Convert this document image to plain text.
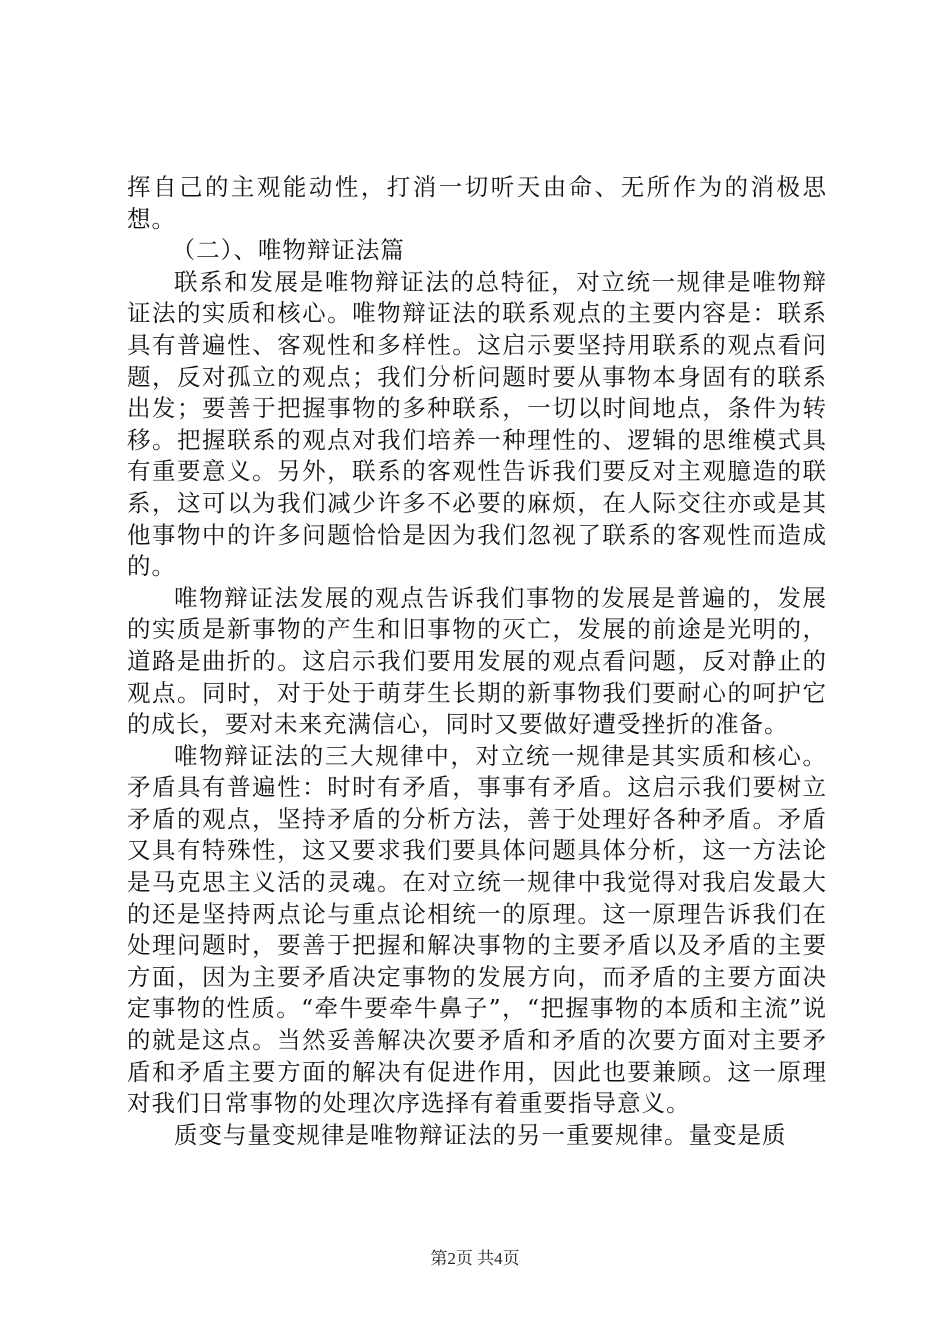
挥自己的主观能动性，打消一切听天由命、无所作为的消极思想。

（二）、唯物辩证法篇

联系和发展是唯物辩证法的总特征，对立统一规律是唯物辩证法的实质和核心。唯物辩证法的联系观点的主要内容是：联系具有普遍性、客观性和多样性。这启示要坚持用联系的观点看问题，反对孤立的观点；我们分析问题时要从事物本身固有的联系出发；要善于把握事物的多种联系，一切以时间地点，条件为转移。把握联系的观点对我们培养一种理性的、逻辑的思维模式具有重要意义。另外，联系的客观性告诉我们要反对主观臆造的联系，这可以为我们减少许多不必要的麻烦，在人际交往亦或是其他事物中的许多问题恰恰是因为我们忽视了联系的客观性而造成的。

唯物辩证法发展的观点告诉我们事物的发展是普遍的，发展的实质是新事物的产生和旧事物的灭亡，发展的前途是光明的，道路是曲折的。这启示我们要用发展的观点看问题，反对静止的观点。同时，对于处于萌芽生长期的新事物我们要耐心的呵护它的成长，要对未来充满信心，同时又要做好遭受挫折的准备。

唯物辩证法的三大规律中，对立统一规律是其实质和核心。矛盾具有普遍性：时时有矛盾，事事有矛盾。这启示我们要树立矛盾的观点，坚持矛盾的分析方法，善于处理好各种矛盾。矛盾又具有特殊性，这又要求我们要具体问题具体分析，这一方法论是马克思主义活的灵魂。在对立统一规律中我觉得对我启发最大的还是坚持两点论与重点论相统一的原理。这一原理告诉我们在处理问题时，要善于把握和解决事物的主要矛盾以及矛盾的主要方面，因为主要矛盾决定事物的发展方向，而矛盾的主要方面决定事物的性质。“牵牛要牵牛鼻子”，“把握事物的本质和主流”说的就是这点。当然妥善解决次要矛盾和矛盾的次要方面对主要矛盾和矛盾主要方面的解决有促进作用，因此也要兼顾。这一原理对我们日常事物的处理次序选择有着重要指导意义。

质变与量变规律是唯物辩证法的另一重要规律。量变是质

第2页 共4页
